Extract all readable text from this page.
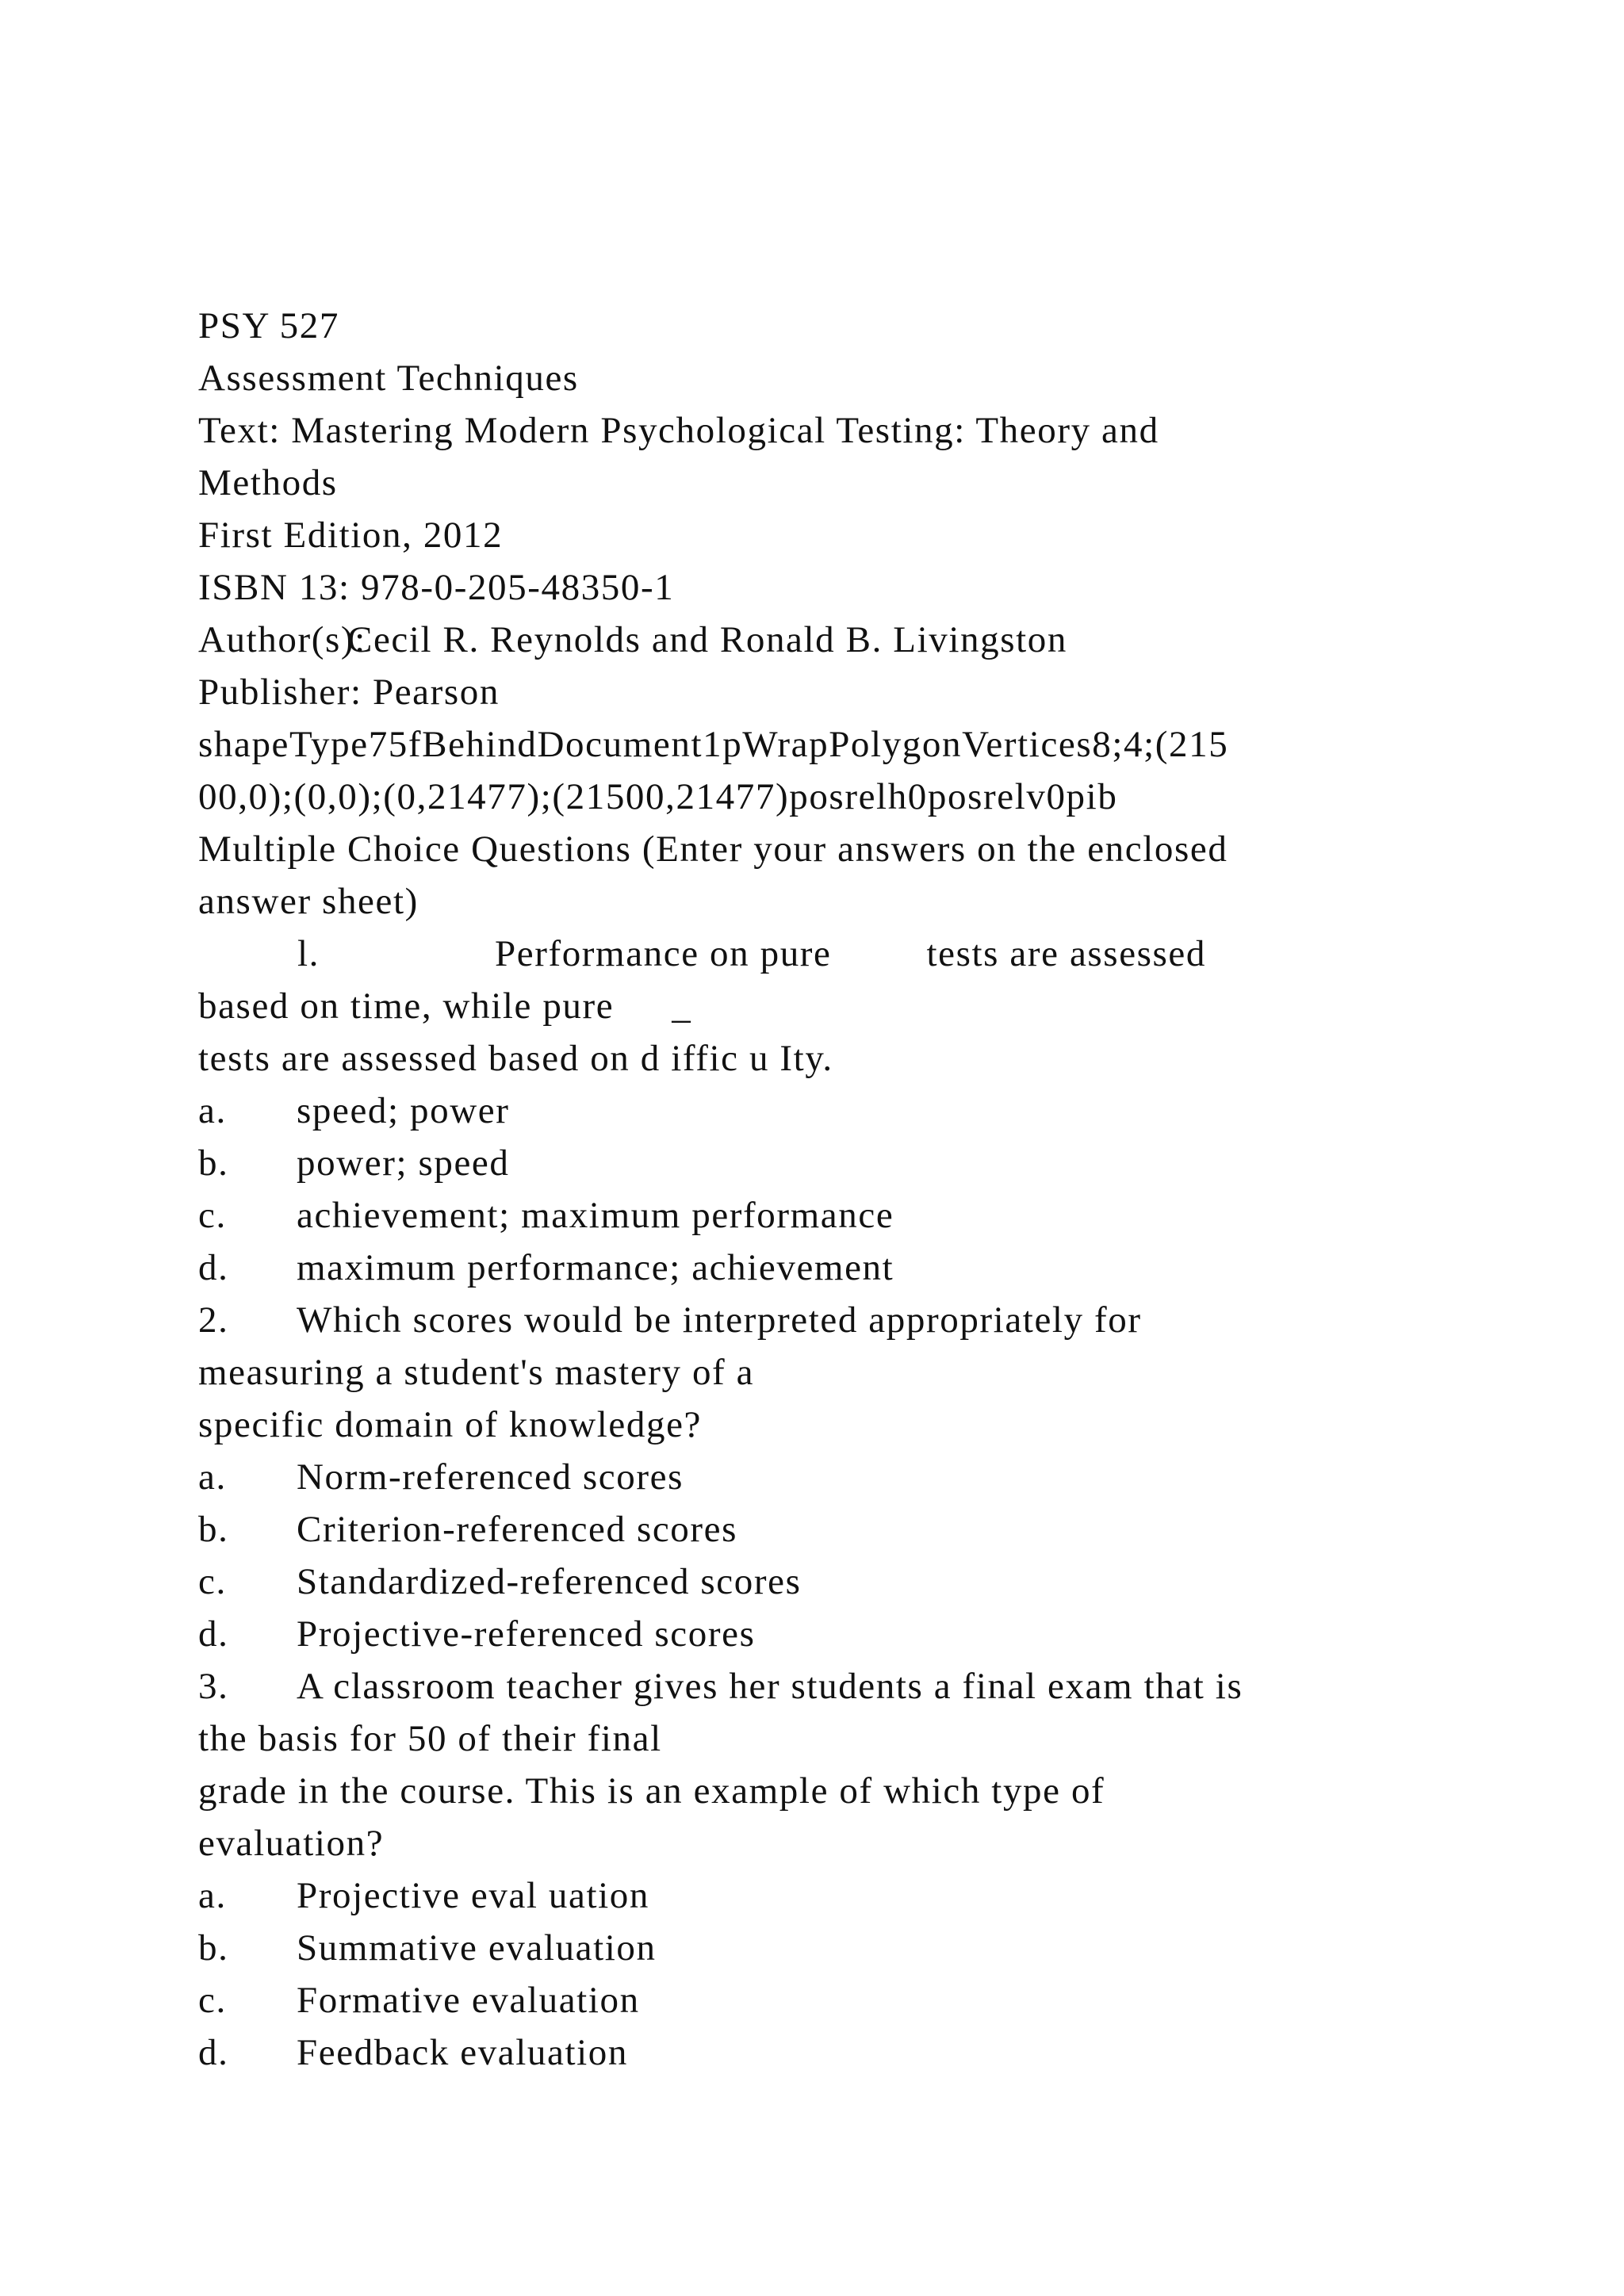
PSY 527

Assessment Techniques

Text: Mastering Modern Psychological Testing: Theory and

Methods

First Edition, 2012

ISBN 13: 978-0-205-48350-1

Author(s):Cecil R. Reynolds and Ronald B. Livingston

Publisher: Pearson

shapeType75fBehindDocument1pWrapPolygonVertices8;4;(215

00,0);(0,0);(0,21477);(21500,21477)posrelh0posrelv0pib

Multiple Choice Questions (Enter your answers on the enclosed

answer sheet)

l.	Performance on pure	tests are assessed

based on time, while pure _

tests are assessed based on d iffic u Ity.

a. speed; power

b. power; speed

c. achievement; maximum performance

d. maximum performance; achievement

2. Which scores would be interpreted appropriately for

measuring a student's mastery of a

specific domain of knowledge?

a. Norm-referenced scores

b. Criterion-referenced scores

c. Standardized-referenced scores

d. Projective-referenced scores

3. A classroom teacher gives her students a final exam that is

the basis for 50 of their final

grade in the course. This is an example of which type of

evaluation?

a. Projective eval uation

b. Summative evaluation

c. Formative evaluation

d. Feedback evaluation
